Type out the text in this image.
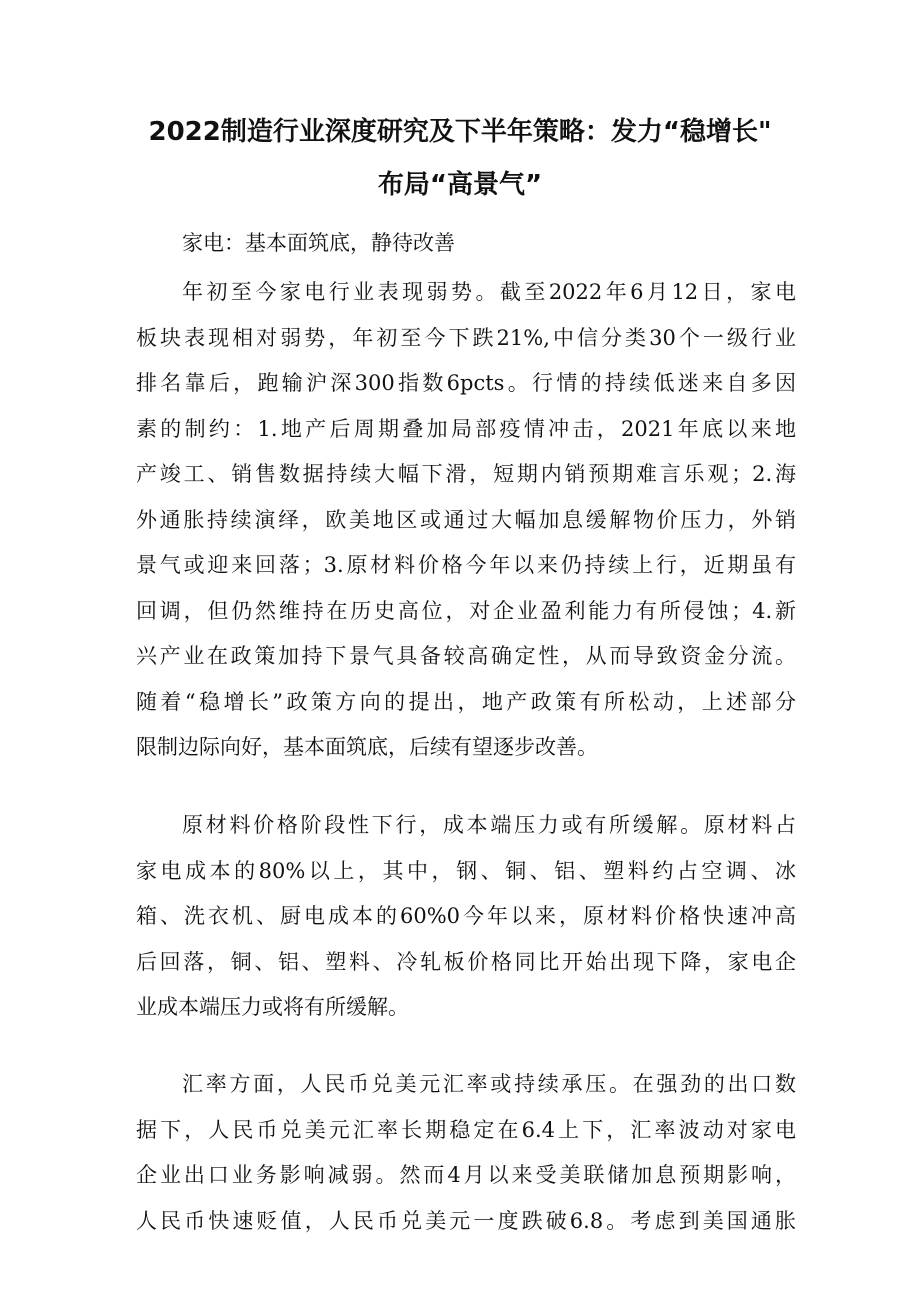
2022制造行业深度研究及下半年策略：发力“稳增长"
布局“高景气”
家电：基本面筑底，静待改善
年初至今家电行业表现弱势。截至2022年6月12日，家电
板块表现相对弱势，年初至今下跌21%,中信分类30个一级行业
排名靠后，跑输沪深300指数6pcts。行情的持续低迷来自多因
素的制约：1.地产后周期叠加局部疫情冲击，2021年底以来地
产竣工、销售数据持续大幅下滑，短期内销预期难言乐观；2.海
外通胀持续演绎，欧美地区或通过大幅加息缓解物价压力，外销
景气或迎来回落；3.原材料价格今年以来仍持续上行，近期虽有
回调，但仍然维持在历史高位，对企业盈利能力有所侵蚀；4.新
兴产业在政策加持下景气具备较高确定性，从而导致资金分流。
随着“稳增长”政策方向的提出，地产政策有所松动，上述部分
限制边际向好，基本面筑底，后续有望逐步改善。
原材料价格阶段性下行，成本端压力或有所缓解。原材料占
家电成本的80%以上，其中，钢、铜、铝、塑料约占空调、冰
箱、洗衣机、厨电成本的60%0今年以来，原材料价格快速冲高
后回落，铜、铝、塑料、冷轧板价格同比开始出现下降，家电企
业成本端压力或将有所缓解。
汇率方面，人民币兑美元汇率或持续承压。在强劲的出口数
据下，人民币兑美元汇率长期稳定在6.4上下，汇率波动对家电
企业出口业务影响减弱。然而4月以来受美联储加息预期影响，
人民币快速贬值，人民币兑美元一度跌破6.8。考虑到美国通胀
